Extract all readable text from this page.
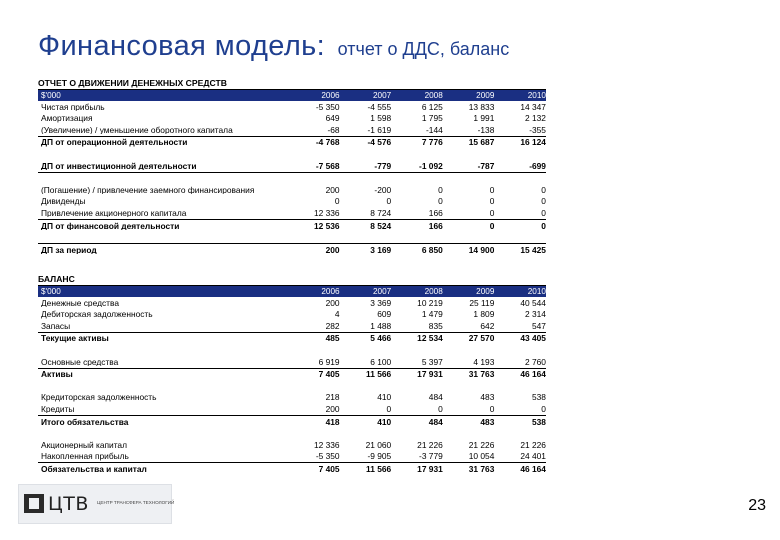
Финансовая модель: отчет о ДДС, баланс
ОТЧЕТ О ДВИЖЕНИИ ДЕНЕЖНЫХ СРЕДСТВ
$'000	2006	2007	2008	2009	2010
Чистая прибыль	-5 350	-4 555	6 125	13 833	14 347
Амортизация	649	1 598	1 795	1 991	2 132
(Увеличение) / уменьшение оборотного капитала	-68	-1 619	-144	-138	-355
ДП от операционной деятельности	-4 768	-4 576	7 776	15 687	16 124
ДП от инвестиционной деятельности	-7 568	-779	-1 092	-787	-699
(Погашение) / привлечение заемного финансирования	200	-200	0	0	0
Дивиденды	0	0	0	0	0
Привлечение акционерного капитала	12 336	8 724	166	0	0
ДП от финансовой деятельности	12 536	8 524	166	0	0
ДП за период	200	3 169	6 850	14 900	15 425
БАЛАНС
$'000	2006	2007	2008	2009	2010
Денежные средства	200	3 369	10 219	25 119	40 544
Дебиторская задолженность	4	609	1 479	1 809	2 314
Запасы	282	1 488	835	642	547
Текущие активы	485	5 466	12 534	27 570	43 405
Основные средства	6 919	6 100	5 397	4 193	2 760
Активы	7 405	11 566	17 931	31 763	46 164
Кредиторская задолженность	218	410	484	483	538
Кредиты	200	0	0	0	0
Итого обязательства	418	410	484	483	538
Акционерный капитал	12 336	21 060	21 226	21 226	21 226
Накопленная прибыль	-5 350	-9 905	-3 779	10 054	24 401
Обязательства и капитал	7 405	11 566	17 931	31 763	46 164
ЦТВ ЦЕНТР ТРАНСФЕРА ТЕХНОЛОГИЙ	23
